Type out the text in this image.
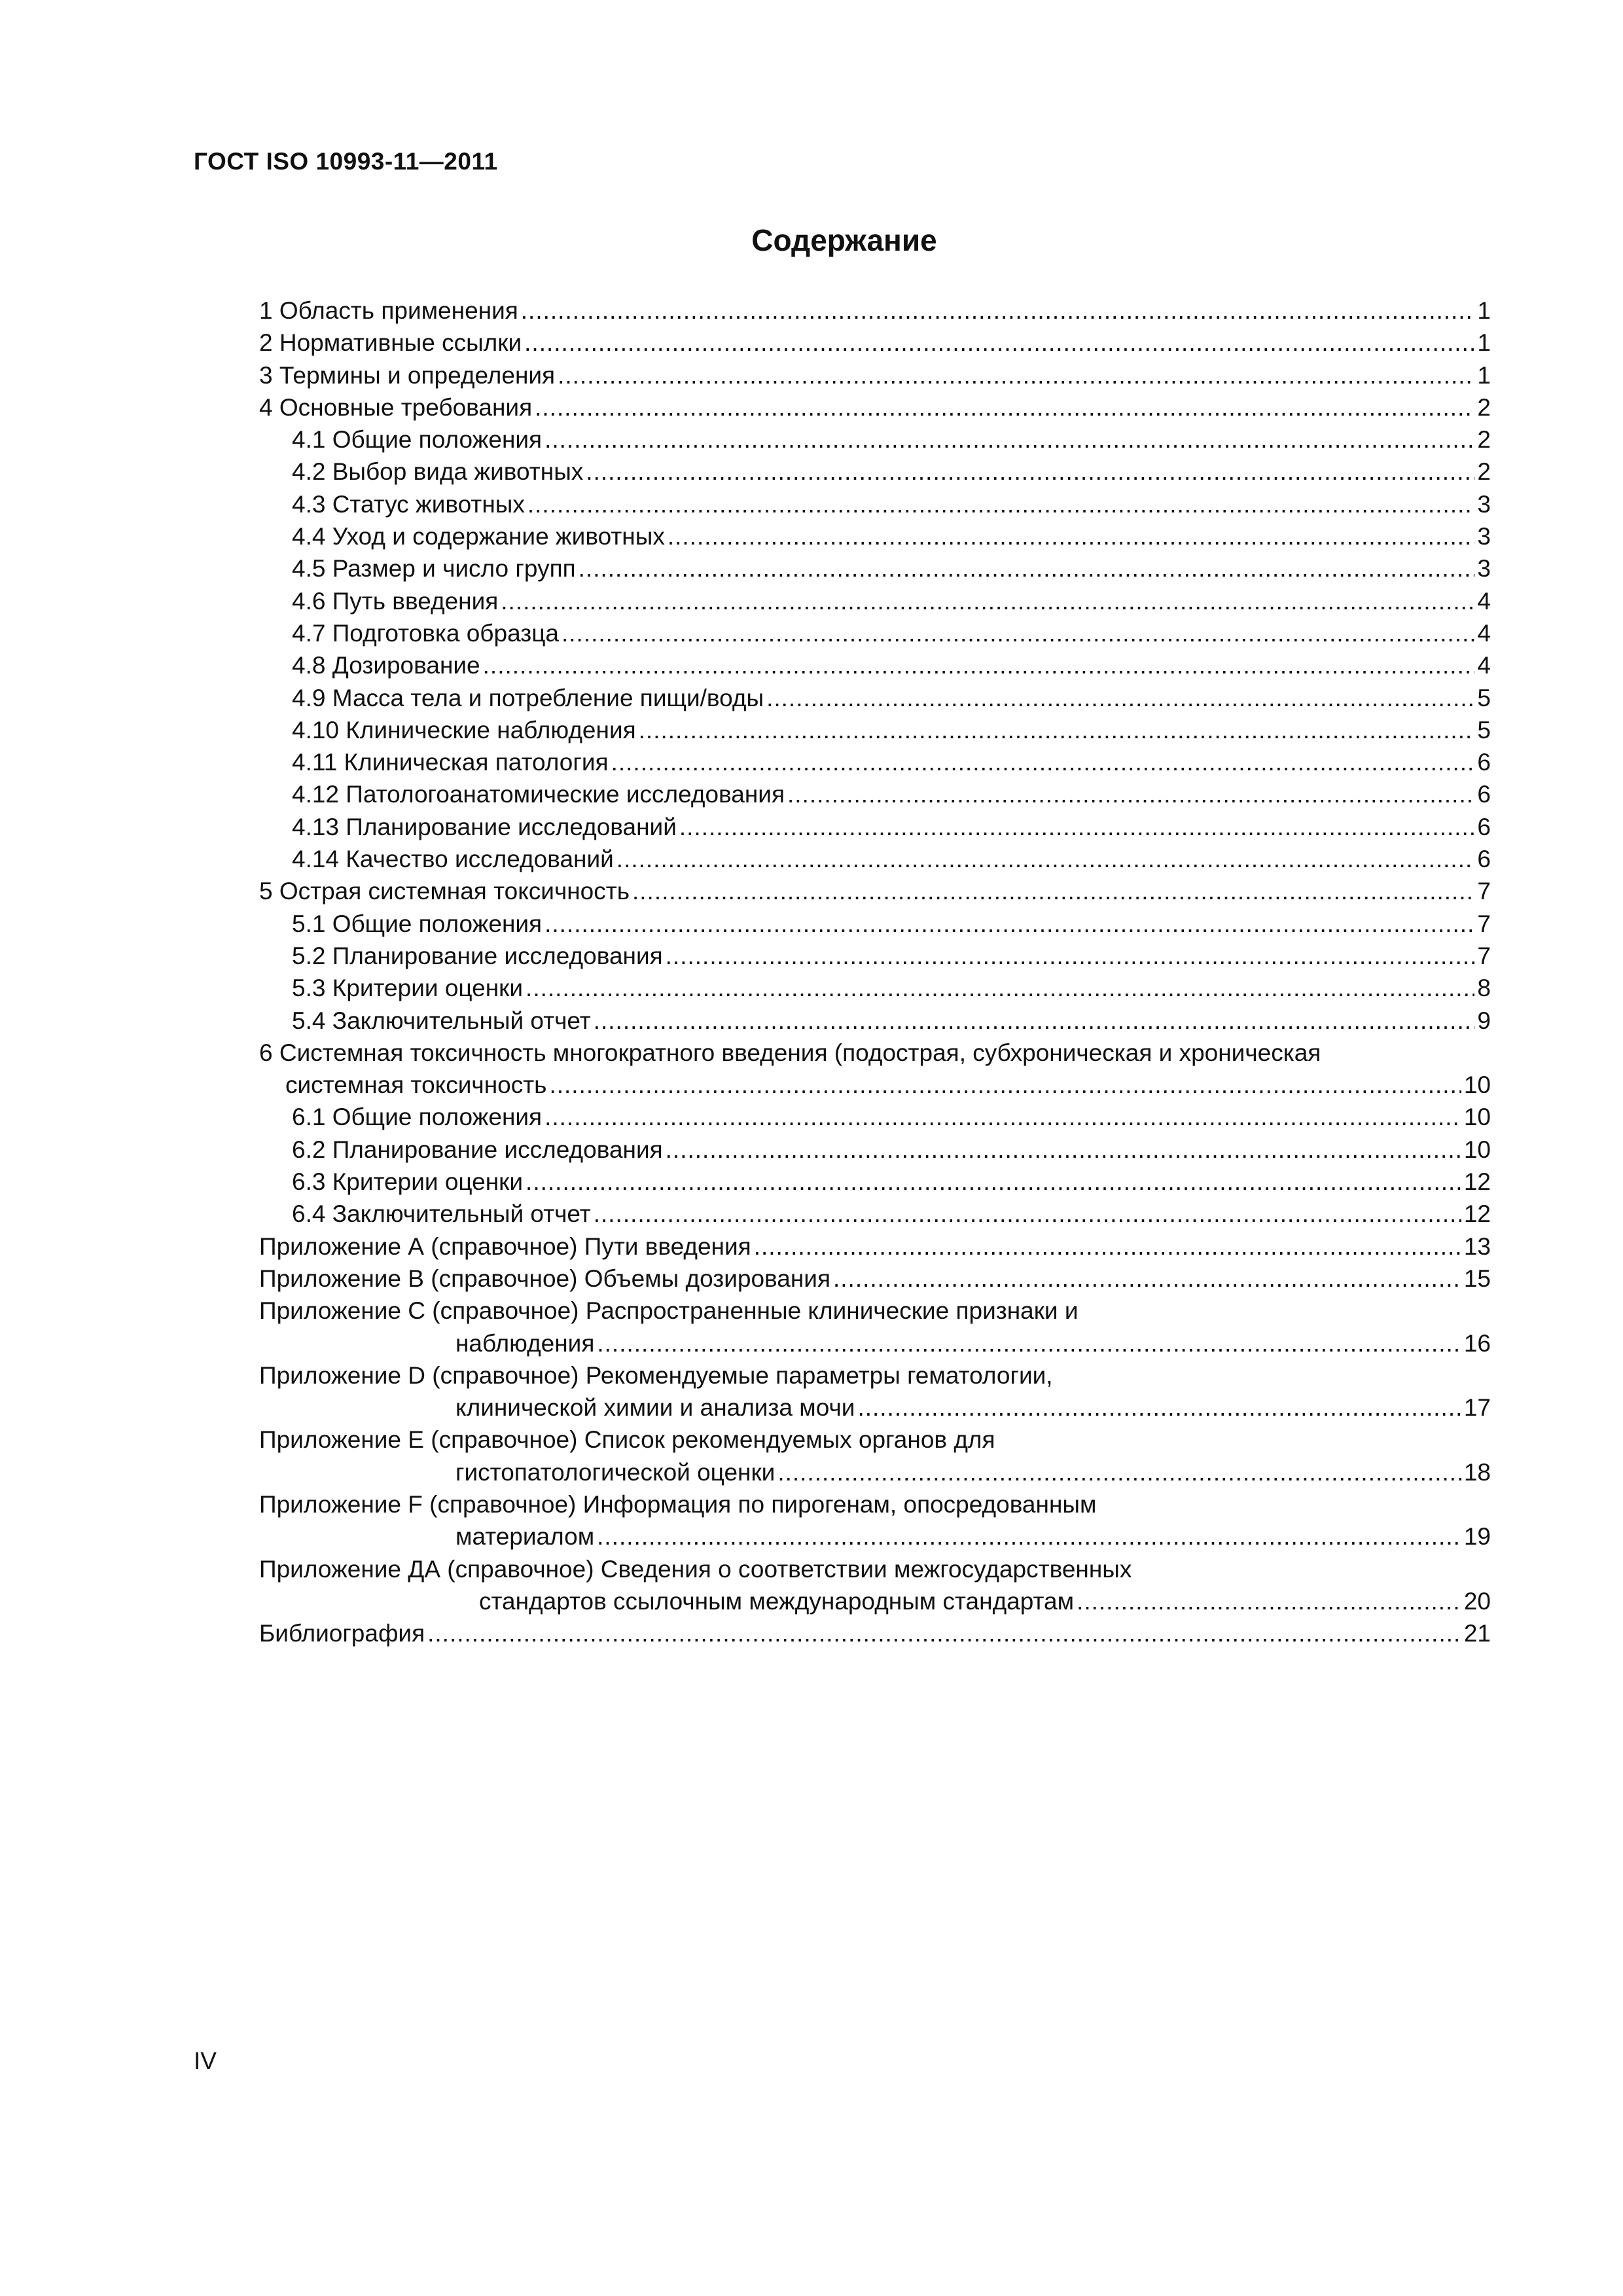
ГОСТ ISO 10993-11—2011
Содержание
1 Область применения .....	1
2 Нормативные ссылки .....	1
3 Термины и определения .....	1
4 Основные требования .....	2
4.1 Общие положения .....	2
4.2 Выбор вида животных .....	2
4.3 Статус животных .....	3
4.4 Уход и содержание животных .....	3
4.5 Размер и число групп .....	3
4.6 Путь введения .....	4
4.7 Подготовка образца .....	4
4.8 Дозирование .....	4
4.9 Масса тела и потребление пищи/воды .....	5
4.10 Клинические наблюдения .....	5
4.11 Клиническая патология .....	6
4.12 Патологоанатомические исследования .....	6
4.13 Планирование исследований .....	6
4.14 Качество исследований .....	6
5 Острая системная токсичность .....	7
5.1 Общие положения .....	7
5.2 Планирование исследования .....	7
5.3 Критерии оценки .....	8
5.4 Заключительный отчет .....	9
6 Системная токсичность многократного введения (подострая, субхроническая и хроническая
системная токсичность .....	10
6.1 Общие положения .....	10
6.2 Планирование исследования .....	10
6.3 Критерии оценки .....	12
6.4 Заключительный отчет .....	12
Приложение А (справочное) Пути введения .....	13
Приложение В (справочное) Объемы дозирования .....	15
Приложение С (справочное) Распространенные клинические признаки и
наблюдения .....	16
Приложение D (справочное) Рекомендуемые параметры гематологии,
клинической химии и анализа мочи .....	17
Приложение Е (справочное) Список рекомендуемых органов для
гистопатологической оценки .....	18
Приложение F (справочное) Информация по пирогенам, опосредованным
материалом .....	19
Приложение ДА (справочное) Сведения о соответствии межгосударственных
стандартов ссылочным международным стандартам .....	20
Библиография .....	21
IV
